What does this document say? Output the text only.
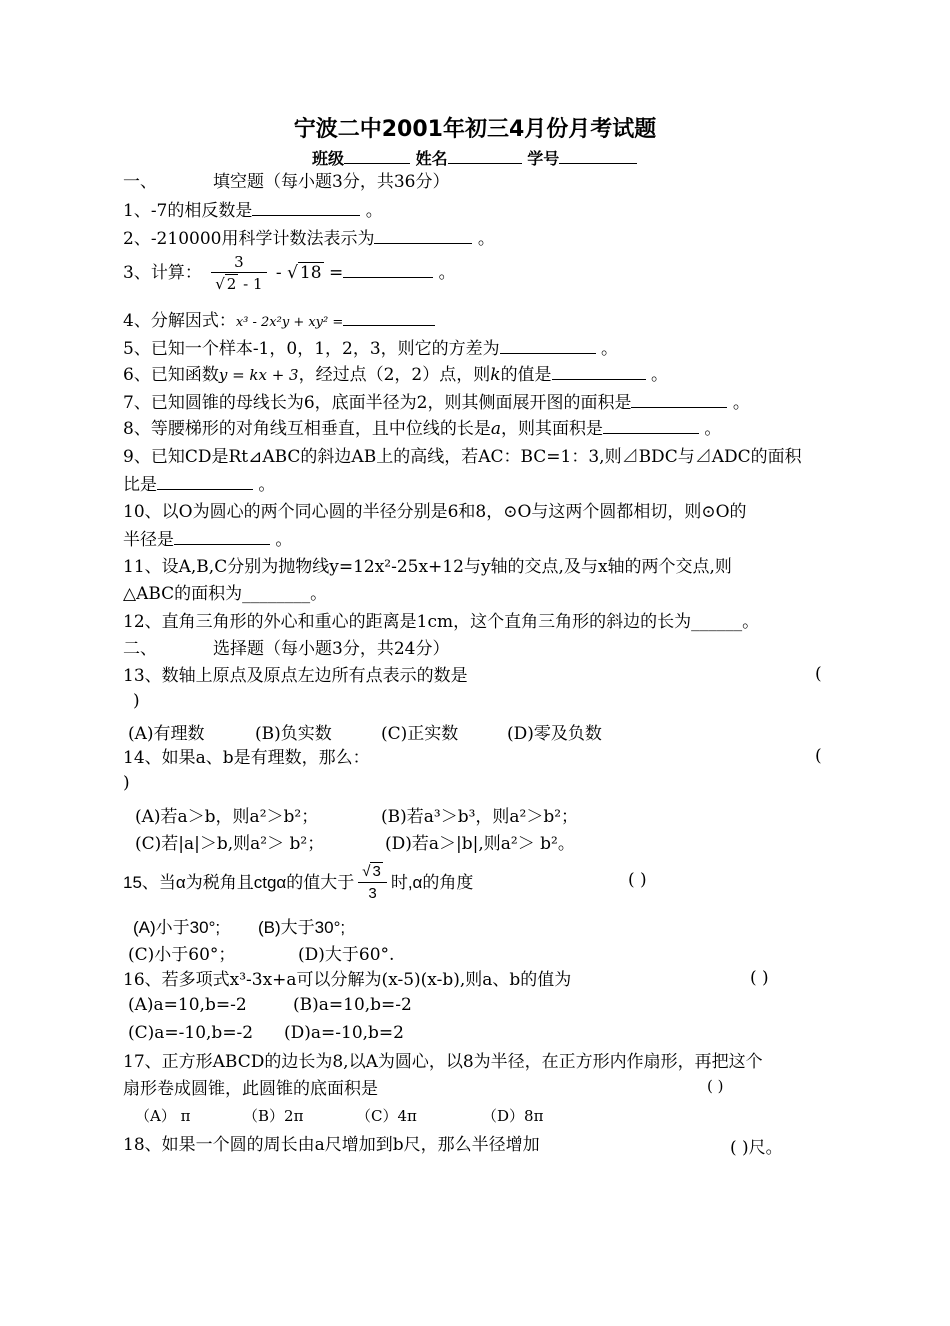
宁波二中2001年初三4月份月考试题
班级	姓名	学号
一、	填空题（每小题3分，共36分）
1、-7的相反数是	。
2、-210000用科学计数法表示为	。
3、计算： $\frac{3}{√ 2 - 1}$ - √ 18 =	。
4、分解因式：x³ - 2x²y + xy² =
5、已知一个样本-1，0，1，2，3，则它的方差为	。
6、已知函数y = kx + 3，经过点（2，2）点，则k的值是	。
7、已知圆锥的母线长为6，底面半径为2，则其侧面展开图的面积是	。
8、等腰梯形的对角线互相垂直，且中位线的长是a，则其面积是	。
9、已知CD是Rt⊿ABC的斜边AB上的高线，若AC：BC=1：3,则⊿BDC与⊿ADC的面积
比是	。
10、以O为圆心的两个同心圆的半径分别是6和8，⊙O与这两个圆都相切，则⊙O的
半径是	。
11、设A,B,C分别为抛物线y=12x²-25x+12与y轴的交点,及与x轴的两个交点,则
△ABC的面积为________。
12、直角三角形的外心和重心的距离是1cm，这个直角三角形的斜边的长为______。
二、	选择题（每小题3分，共24分）
13、数轴上原点及原点左边所有点表示的数是	(
)
(A)有理数	(B)负实数	(C)正实数	(D)零及负数
14、如果a、b是有理数，那么：	(
)
(A)若a＞b，则a²＞b²；	(B)若a³＞b³，则a²＞b²；
(C)若|a|＞b,则a²＞ b²；	(D)若a＞|b|,则a²＞ b²。
15、当α为税角且ctgα的值大于 $\frac{√ 3}{3}$ 时,α的角度	( )
(A)小于30°; (B)大于30°;
(C)小于60°；	(D)大于60°.
16、若多项式x³-3x+a可以分解为(x-5)(x-b),则a、b的值为	( )
(A)a=10,b=-2	(B)a=10,b=-2
(C)a=-10,b=-2 (D)a=-10,b=2
17、正方形ABCD的边长为8,以A为圆心，以8为半径，在正方形内作扇形，再把这个
扇形卷成圆锥，此圆锥的底面积是	( )
（A） π	（B）2π	（C）4π	（D）8π
18、如果一个圆的周长由a尺增加到b尺，那么半径增加	( )尺。
